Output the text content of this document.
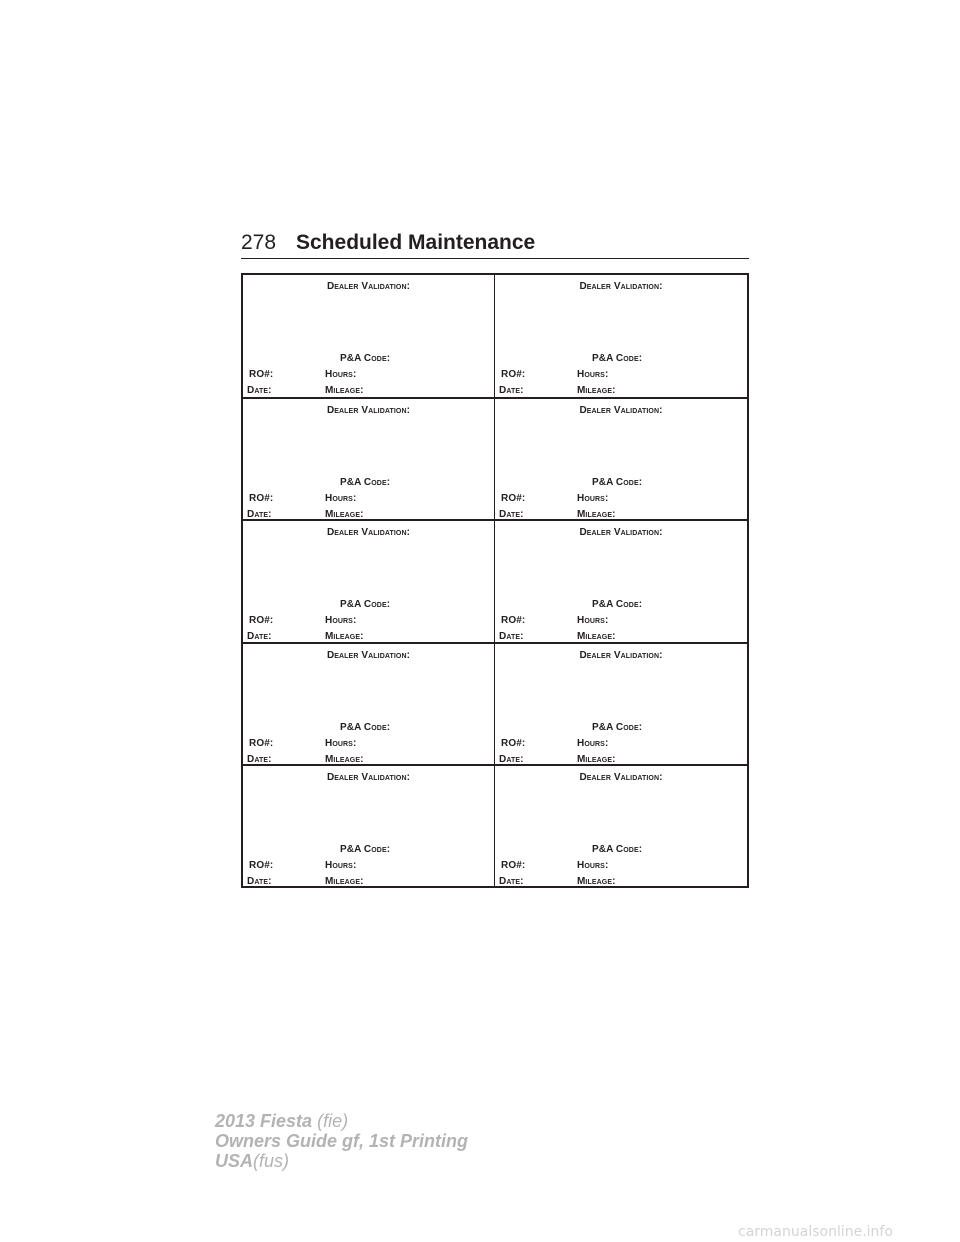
278 Scheduled Maintenance
Dealer Validation:
P&A Code:
RO#:	Hours:
Date:	Mileage:
Dealer Validation:
P&A Code:
RO#:	Hours:
Date:	Mileage:
Dealer Validation:
P&A Code:
RO#:	Hours:
Date:	Mileage:
Dealer Validation:
P&A Code:
RO#:	Hours:
Date:	Mileage:
Dealer Validation:
P&A Code:
RO#:	Hours:
Date:	Mileage:
Dealer Validation:
P&A Code:
RO#:	Hours:
Date:	Mileage:
Dealer Validation:
P&A Code:
RO#:	Hours:
Date:	Mileage:
Dealer Validation:
P&A Code:
RO#:	Hours:
Date:	Mileage:
Dealer Validation:
P&A Code:
RO#:	Hours:
Date:	Mileage:
Dealer Validation:
P&A Code:
RO#:	Hours:
Date:	Mileage:
2013 Fiesta (fie)
Owners Guide gf, 1st Printing
USA(fus)
carmanualsonline.info
